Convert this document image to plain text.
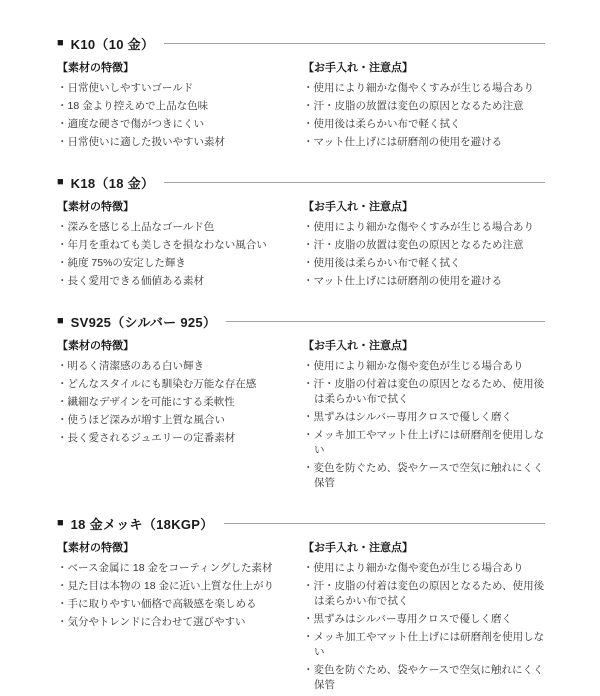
■ K10（10 金）
【素材の特徴】
・日常使いしやすいゴールド
・18 金より控えめで上品な色味
・適度な硬さで傷がつきにくい
・日常使いに適した扱いやすい素材
【お手入れ・注意点】
・使用により細かな傷やくすみが生じる場合あり
・汗・皮脂の放置は変色の原因となるため注意
・使用後は柔らかい布で軽く拭く
・マット仕上げには研磨剤の使用を避ける
■ K18（18 金）
【素材の特徴】
・深みを感じる上品なゴールド色
・年月を重ねても美しさを損なわない風合い
・純度 75%の安定した輝き
・長く愛用できる価値ある素材
【お手入れ・注意点】
・使用により細かな傷やくすみが生じる場合あり
・汗・皮脂の放置は変色の原因となるため注意
・使用後は柔らかい布で軽く拭く
・マット仕上げには研磨剤の使用を避ける
■ SV925（シルバー 925）
【素材の特徴】
・明るく清潔感のある白い輝き
・どんなスタイルにも馴染む万能な存在感
・繊細なデザインを可能にする柔軟性
・使うほど深みが増す上質な風合い
・長く愛されるジュエリーの定番素材
【お手入れ・注意点】
・使用により細かな傷や変色が生じる場合あり
・汗・皮脂の付着は変色の原因となるため、使用後は柔らかい布で拭く
・黒ずみはシルバー専用クロスで優しく磨く
・メッキ加工やマット仕上げには研磨剤を使用しない
・変色を防ぐため、袋やケースで空気に触れにくく保管
■ 18 金メッキ（18KGP）
【素材の特徴】
・ベース金属に 18 金をコーティングした素材
・見た目は本物の 18 金に近い上質な仕上がり
・手に取りやすい価格で高級感を楽しめる
・気分やトレンドに合わせて選びやすい
【お手入れ・注意点】
・使用により細かな傷や変色が生じる場合あり
・汗・皮脂の付着は変色の原因となるため、使用後は柔らかい布で拭く
・黒ずみはシルバー専用クロスで優しく磨く
・メッキ加工やマット仕上げには研磨剤を使用しない
・変色を防ぐため、袋やケースで空気に触れにくく保管
